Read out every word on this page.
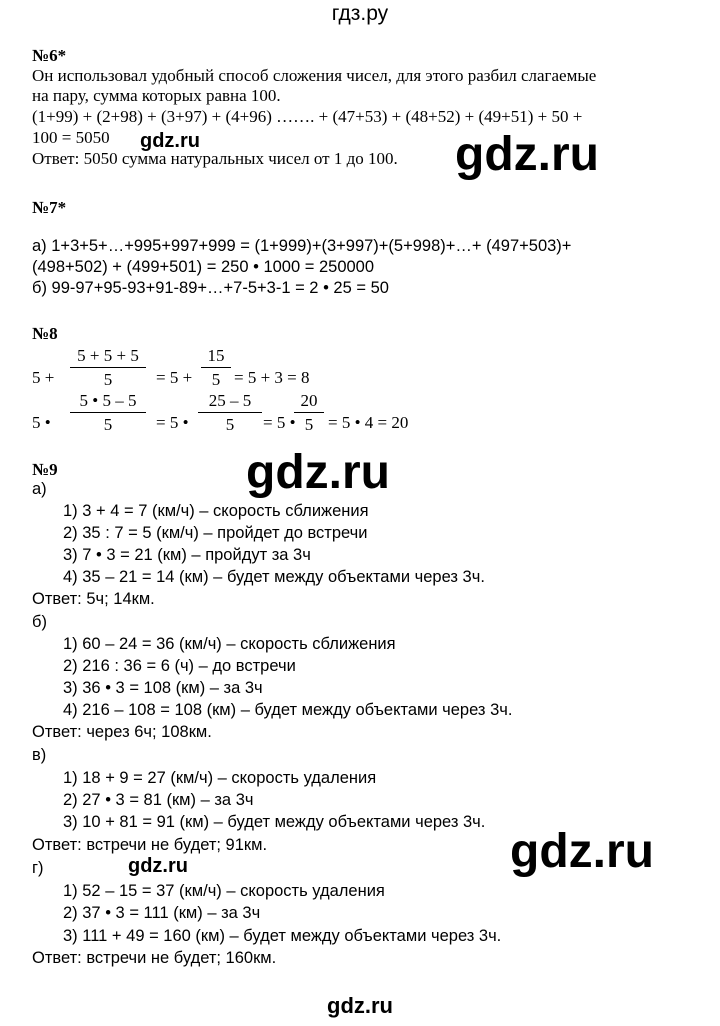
гдз.ру
№6*
Он использовал удобный способ сложения чисел, для этого разбил слагаемые
на пару, сумма которых равна 100.
(1+99) + (2+98) + (3+97) + (4+96) ……. + (47+53) + (48+52) + (49+51) + 50 +
100 = 5050 gdz.ru
Ответ: 5050 сумма натуральных чисел от 1 до 100. gdz.ru
№7*
а) 1+3+5+…+995+997+999 = (1+999)+(3+997)+(5+998)+…+ (497+503)+
(498+502) + (499+501) = 250 • 1000 = 250000
б) 99-97+95-93+91-89+…+7-5+3-1 = 2 • 25 = 50
№8
$5 + \frac{5 + 5 + 5}{5} = 5 + \frac{15}{5} = 5 + 3 = 8$
5 • $\frac{5 • 5 - 5}{5} = 5$ • $\frac{25 - 5}{5} = 5$ •
$\frac{20}{5} = 5$ • 4 = 20
№9	gdz.ru
а)
1) 3 + 4 = 7 (км/ч) – скорость сближения
2) 35 : 7 = 5 (км/ч) – пройдет до встречи
3) 7 • 3 = 21 (км) – пройдут за 3ч
4) 35 – 21 = 14 (км) – будет между объектами через 3ч.
Ответ: 5ч; 14км.
б)
1) 60 – 24 = 36 (км/ч) – скорость сближения
2) 216 : 36 = 6 (ч) – до встречи
3) 36 • 3 = 108 (км) – за 3ч
4) 216 – 108 = 108 (км) – будет между объектами через 3ч.
Ответ: через 6ч; 108км.
в)
1) 18 + 9 = 27 (км/ч) – скорость удаления
2) 27 • 3 = 81 (км) – за 3ч
3) 10 + 81 = 91 (км) – будет между объектами через 3ч.
Ответ: встречи не будет; 91км.	gdz.ru
gdz.ru
г)
1) 52 – 15 = 37 (км/ч) – скорость удаления
2) 37 • 3 = 111 (км) – за 3ч
3) 111 + 49 = 160 (км) – будет между объектами через 3ч.
Ответ: встречи не будет; 160км.
gdz.ru
